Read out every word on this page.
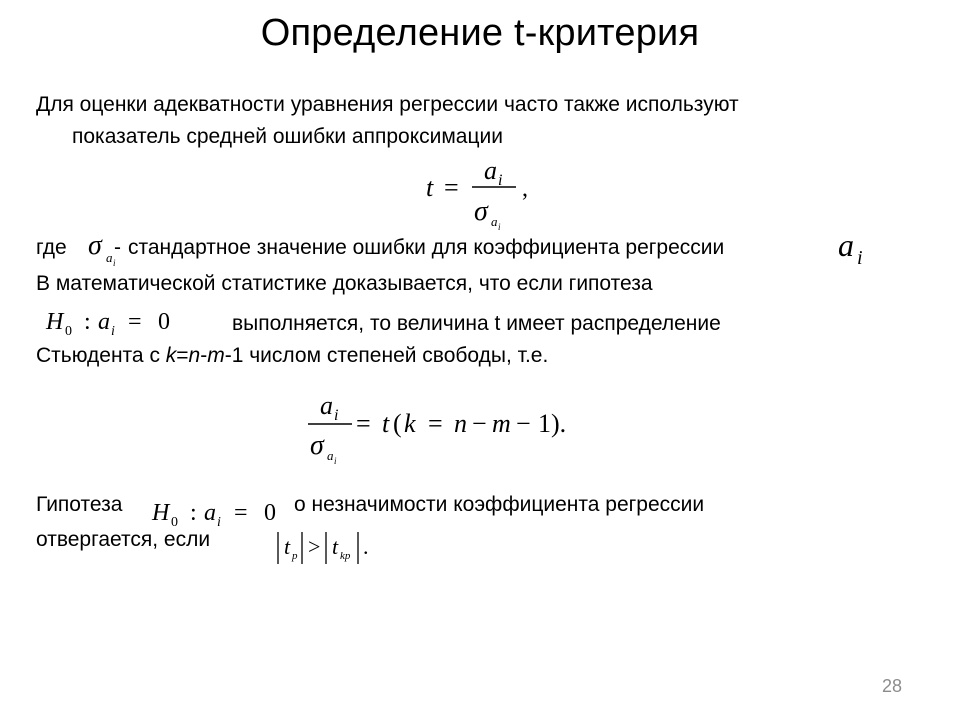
Определение t-критерия
Для оценки адекватности уравнения регрессии часто также используют
показатель средней ошибки аппроксимации
t =
a i
σ a i
,
где σ a i
- стандартное значение ошибки для коэффициента регрессии	a i
В математической статистике доказывается, что если гипотеза
H 0 : a i = 0	выполняется, то величина t имеет распределение
Стьюдента с k=n-m-1 числом степеней свободы, т.е.
a i
σ a i
= t ( k = n − m − 1).
Гипотеза H 0 : a i = 0 о незначимости коэффициента регрессии
отвергается, если	t p > t kp .
28
